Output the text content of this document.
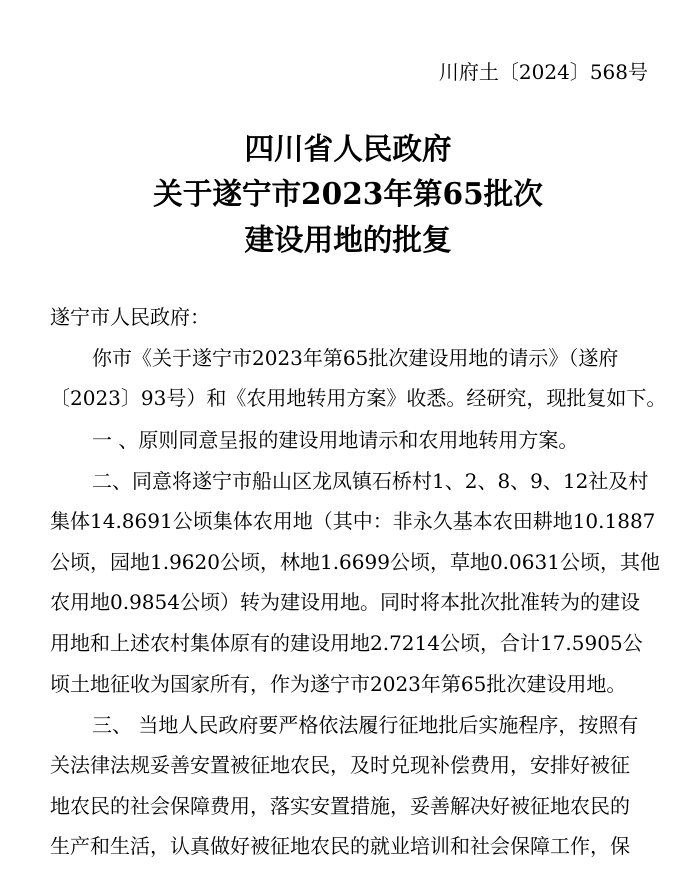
川府土〔2024〕568号
四川省人民政府
关于遂宁市2023年第65批次
建设用地的批复
遂宁市人民政府：
你市《关于遂宁市2023年第65批次建设用地的请示》（遂府
〔2023〕93号）和《农用地转用方案》收悉。经研究，现批复如下。
一 、原则同意呈报的建设用地请示和农用地转用方案。
二、同意将遂宁市船山区龙凤镇石桥村1、2、8、9、12社及村
集体14.8691公顷集体农用地（其中：非永久基本农田耕地10.1887
公顷，园地1.9620公顷，林地1.6699公顷，草地0.0631公顷，其他
农用地0.9854公顷）转为建设用地。同时将本批次批准转为的建设
用地和上述农村集体原有的建设用地2.7214公顷，合计17.5905公
顷土地征收为国家所有，作为遂宁市2023年第65批次建设用地。
三、 当地人民政府要严格依法履行征地批后实施程序，按照有
关法律法规妥善安置被征地农民，及时兑现补偿费用，安排好被征
地农民的社会保障费用，落实安置措施，妥善解决好被征地农民的
生产和生活，认真做好被征地农民的就业培训和社会保障工作，保
